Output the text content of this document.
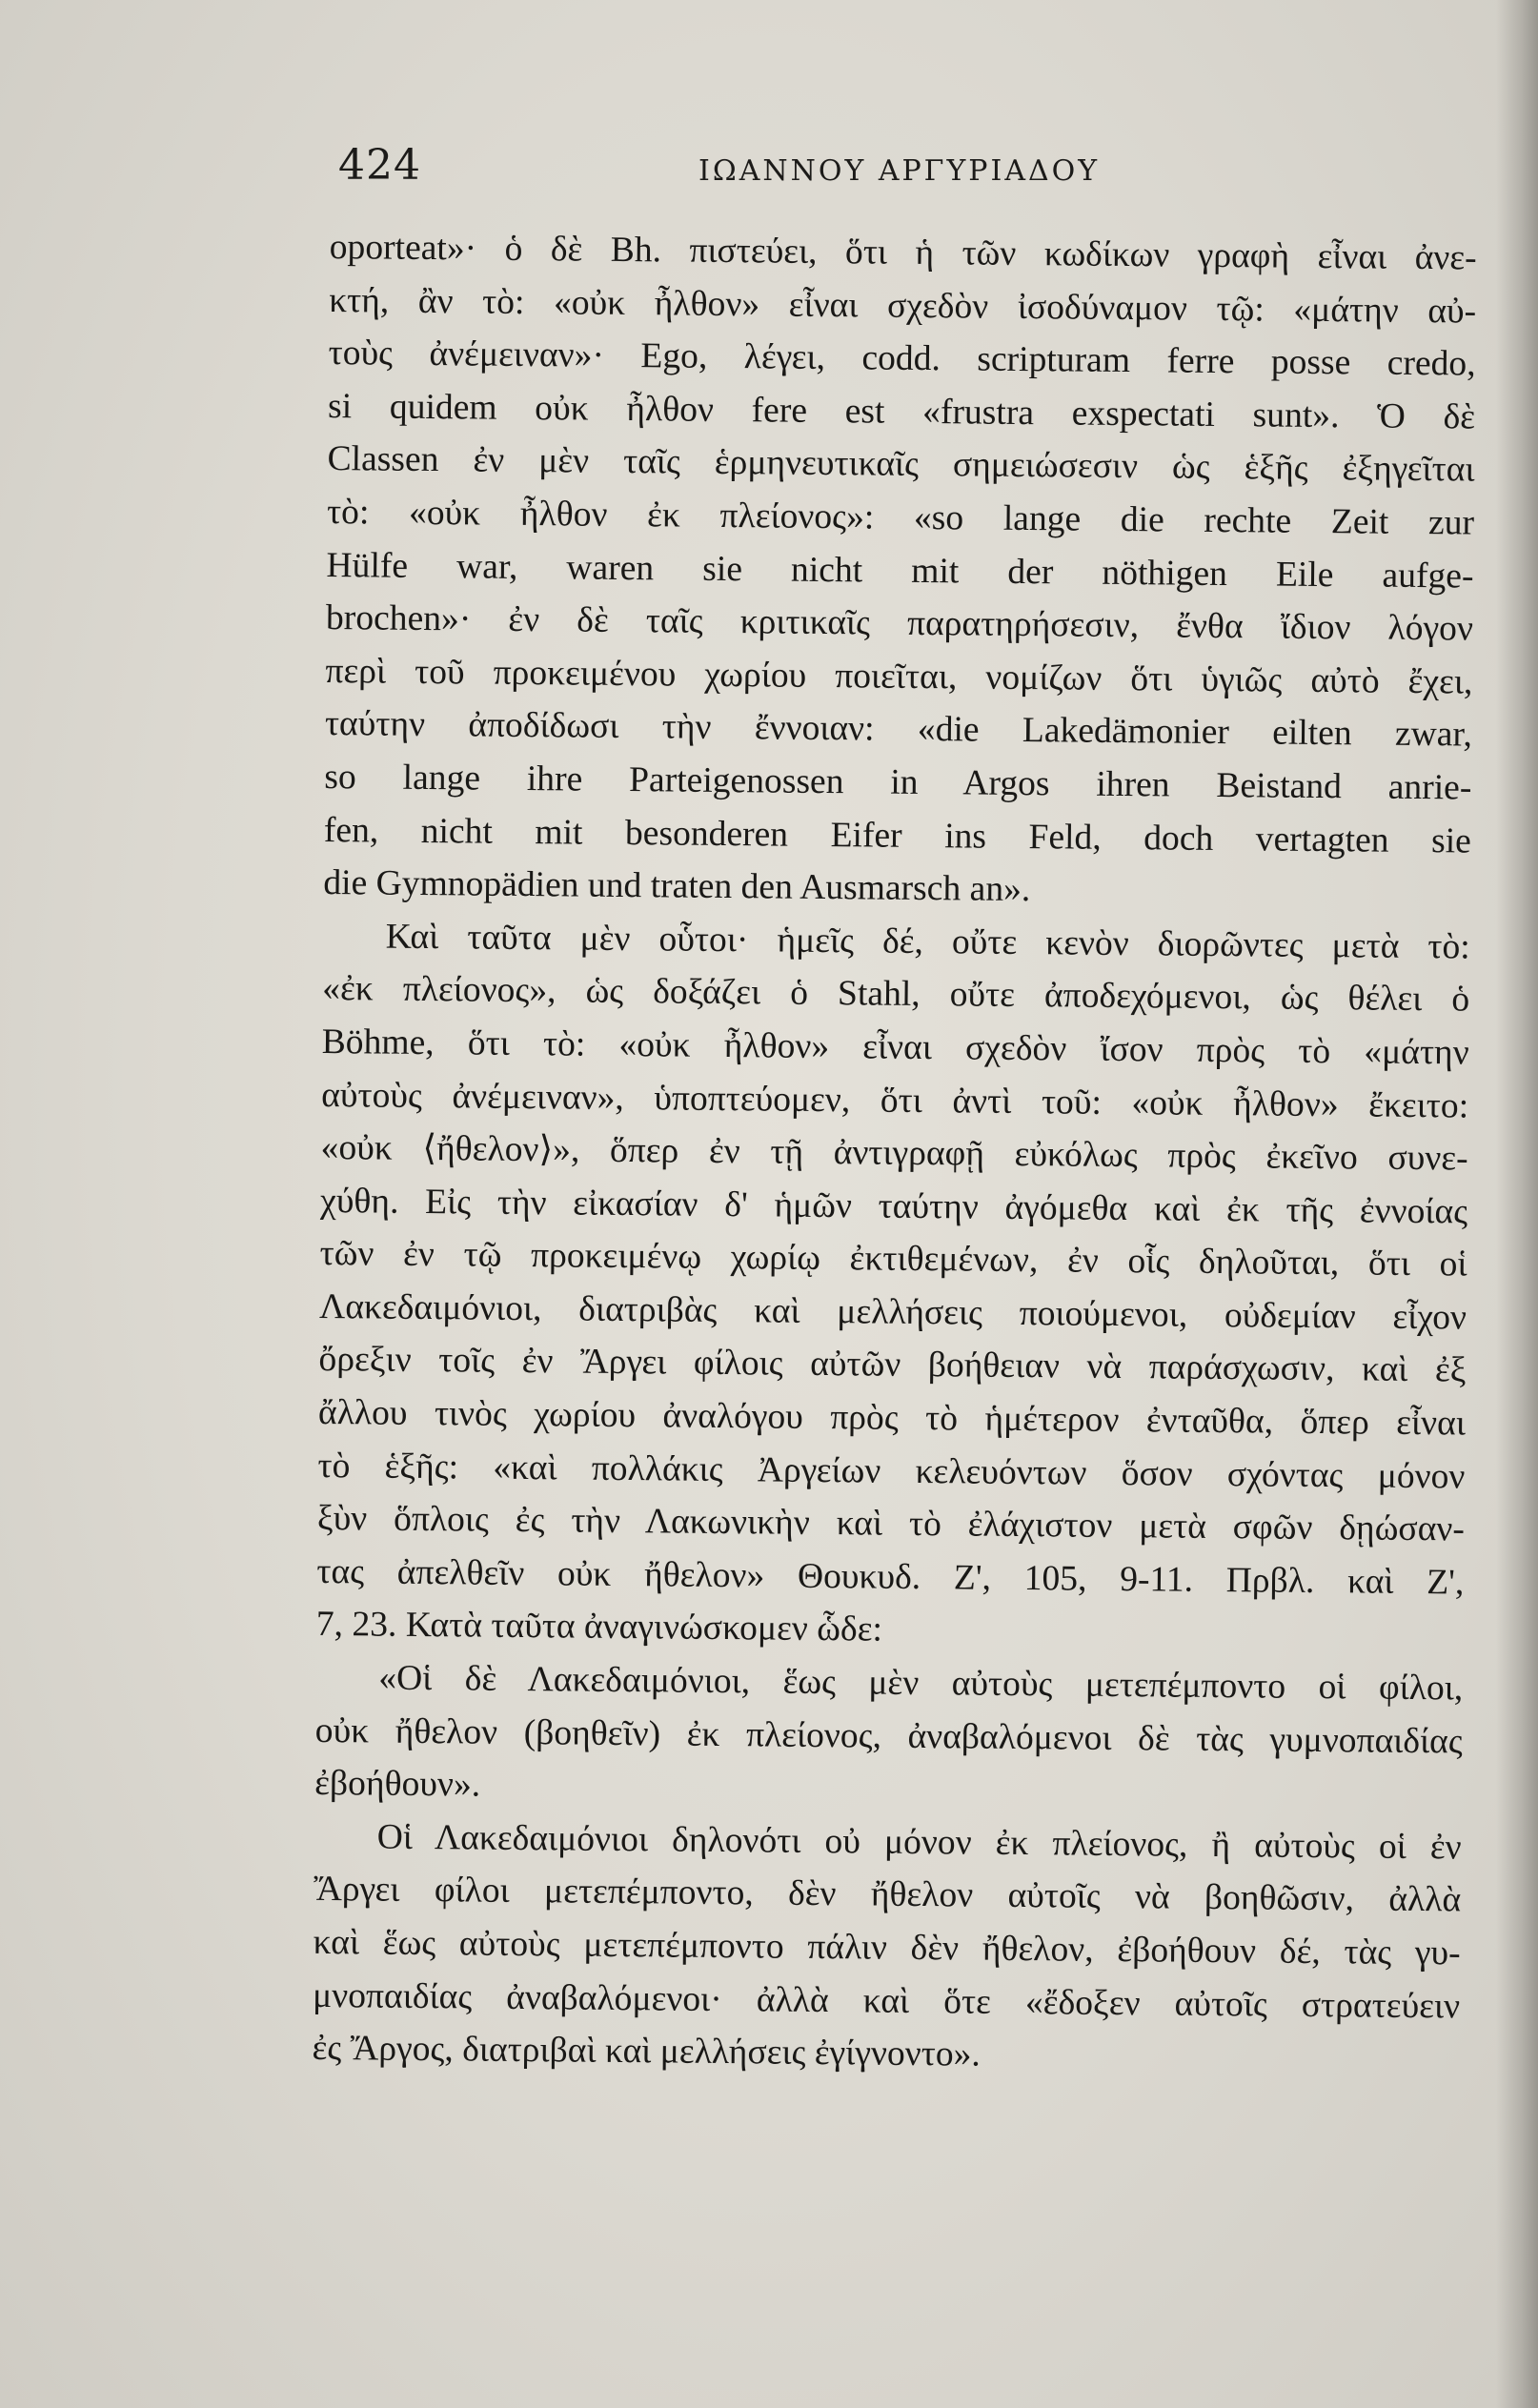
424	ΙΩΑΝΝΟΥ ΑΡΓΥΡΙΑΔΟΥ
oporteat»· ὁ δὲ Bh. πιστεύει, ὅτι ἡ τῶν κωδίκων γραφὴ εἶναι ἀνε-
κτή, ἂν τὸ: «οὐκ ἦλθον» εἶναι σχεδὸν ἰσοδύναμον τῷ: «μάτην αὐ-
τοὺς ἀνέμειναν»· Ego, λέγει, codd. scripturam ferre posse credo,
si quidem οὐκ ἦλθον fere est «frustra exspectati sunt». Ὁ δὲ
Classen ἐν μὲν ταῖς ἑρμηνευτικαῖς σημειώσεσιν ὡς ἑξῆς ἐξηγεῖται
τὸ: «οὐκ ἦλθον ἐκ πλείονος»: «so lange die rechte Zeit zur
Hülfe war, waren sie nicht mit der nöthigen Eile aufge-
brochen»· ἐν δὲ ταῖς κριτικαῖς παρατηρήσεσιν, ἔνθα ἴδιον λόγον
περὶ τοῦ προκειμένου χωρίου ποιεῖται, νομίζων ὅτι ὑγιῶς αὐτὸ ἔχει,
ταύτην ἀποδίδωσι τὴν ἔννοιαν: «die Lakedämonier eilten zwar,
so lange ihre Parteigenossen in Argos ihren Beistand anrie-
fen, nicht mit besonderen Eifer ins Feld, doch vertagten sie
die Gymnopädien und traten den Ausmarsch an».
Καὶ ταῦτα μὲν οὗτοι· ἡμεῖς δέ, οὔτε κενὸν διορῶντες μετὰ τὸ:
«ἐκ πλείονος», ὡς δοξάζει ὁ Stahl, οὔτε ἀποδεχόμενοι, ὡς θέλει ὁ
Böhme, ὅτι τὸ: «οὐκ ἦλθον» εἶναι σχεδὸν ἴσον πρὸς τὸ «μάτην
αὐτοὺς ἀνέμειναν», ὑποπτεύομεν, ὅτι ἀντὶ τοῦ: «οὐκ ἦλθον» ἔκειτο:
«οὐκ ⟨ἤθελον⟩», ὅπερ ἐν τῇ ἀντιγραφῇ εὐκόλως πρὸς ἐκεῖνο συνε-
χύθη. Εἰς τὴν εἰκασίαν δ' ἡμῶν ταύτην ἀγόμεθα καὶ ἐκ τῆς ἐννοίας
τῶν ἐν τῷ προκειμένῳ χωρίῳ ἐκτιθεμένων, ἐν οἷς δηλοῦται, ὅτι οἱ
Λακεδαιμόνιοι, διατριβὰς καὶ μελλήσεις ποιούμενοι, οὐδεμίαν εἶχον
ὄρεξιν τοῖς ἐν Ἄργει φίλοις αὐτῶν βοήθειαν νὰ παράσχωσιν, καὶ ἐξ
ἄλλου τινὸς χωρίου ἀναλόγου πρὸς τὸ ἡμέτερον ἐνταῦθα, ὅπερ εἶναι
τὸ ἑξῆς: «καὶ πολλάκις Ἀργείων κελευόντων ὅσον σχόντας μόνον
ξὺν ὅπλοις ἐς τὴν Λακωνικὴν καὶ τὸ ἐλάχιστον μετὰ σφῶν δῃώσαν-
τας ἀπελθεῖν οὐκ ἤθελον» Θουκυδ. Ζ', 105, 9-11. Πρβλ. καὶ Ζ',
7, 23. Κατὰ ταῦτα ἀναγινώσκομεν ὧδε:
«Οἱ δὲ Λακεδαιμόνιοι, ἕως μὲν αὐτοὺς μετεπέμποντο οἱ φίλοι,
οὐκ ἤθελον (βοηθεῖν) ἐκ πλείονος, ἀναβαλόμενοι δὲ τὰς γυμνοπαιδίας
ἐβοήθουν».
Οἱ Λακεδαιμόνιοι δηλονότι οὐ μόνον ἐκ πλείονος, ἢ αὐτοὺς οἱ ἐν
Ἄργει φίλοι μετεπέμποντο, δὲν ἤθελον αὐτοῖς νὰ βοηθῶσιν, ἀλλὰ
καὶ ἕως αὐτοὺς μετεπέμποντο πάλιν δὲν ἤθελον, ἐβοήθουν δέ, τὰς γυ-
μνοπαιδίας ἀναβαλόμενοι· ἀλλὰ καὶ ὅτε «ἔδοξεν αὐτοῖς στρατεύειν
ἐς Ἄργος, διατριβαὶ καὶ μελλήσεις ἐγίγνοντο».
